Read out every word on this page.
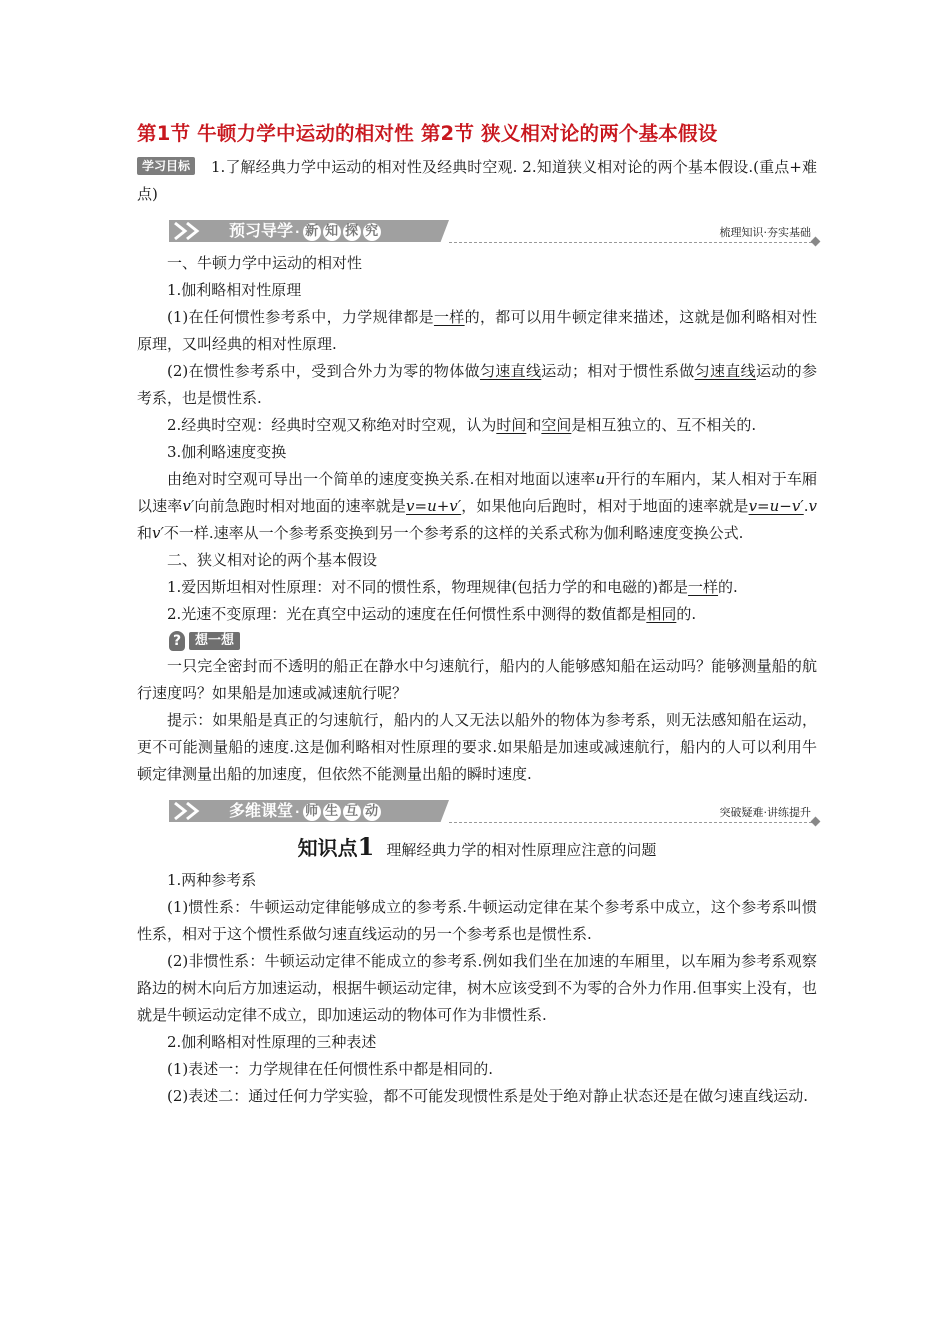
第1节 牛顿力学中运动的相对性 第2节 狭义相对论的两个基本假设

学习目标 1.了解经典力学中运动的相对性及经典时空观. 2.知道狭义相对论的两个基本假设.(重点+难点)

预习导学 · 新 知 探 究	梳理知识·夯实基础

一、牛顿力学中运动的相对性

1.伽利略相对性原理

(1)在任何惯性参考系中，力学规律都是一样的，都可以用牛顿定律来描述，这就是伽利略相对性原理，又叫经典的相对性原理.

(2)在惯性参考系中，受到合外力为零的物体做匀速直线运动；相对于惯性系做匀速直线运动的参考系，也是惯性系.

2.经典时空观：经典时空观又称绝对时空观，认为时间和空间是相互独立的、互不相关的.

3.伽利略速度变换

由绝对时空观可导出一个简单的速度变换关系.在相对地面以速率u开行的车厢内，某人相对于车厢以速率v′向前急跑时相对地面的速率就是v=u+v′，如果他向后跑时，相对于地面的速率就是v=u−v′.v和v′不一样.速率从一个参考系变换到另一个参考系的这样的关系式称为伽利略速度变换公式.

二、狭义相对论的两个基本假设

1.爱因斯坦相对性原理：对不同的惯性系，物理规律(包括力学的和电磁的)都是一样的.

2.光速不变原理：光在真空中运动的速度在任何惯性系中测得的数值都是相同的.

?	想一想

一只完全密封而不透明的船正在静水中匀速航行，船内的人能够感知船在运动吗？能够测量船的航行速度吗？如果船是加速或减速航行呢？

提示：如果船是真正的匀速航行，船内的人又无法以船外的物体为参考系，则无法感知船在运动，更不可能测量船的速度.这是伽利略相对性原理的要求.如果船是加速或减速航行，船内的人可以利用牛顿定律测量出船的加速度，但依然不能测量出船的瞬时速度.

多维课堂 · 师 生 互 动	突破疑难·讲练提升
知识点1 理解经典力学的相对性原理应注意的问题

1.两种参考系

(1)惯性系：牛顿运动定律能够成立的参考系.牛顿运动定律在某个参考系中成立，这个参考系叫惯性系，相对于这个惯性系做匀速直线运动的另一个参考系也是惯性系.

(2)非惯性系：牛顿运动定律不能成立的参考系.例如我们坐在加速的车厢里，以车厢为参考系观察路边的树木向后方加速运动，根据牛顿运动定律，树木应该受到不为零的合外力作用.但事实上没有，也就是牛顿运动定律不成立，即加速运动的物体可作为非惯性系.

2.伽利略相对性原理的三种表述

(1)表述一：力学规律在任何惯性系中都是相同的.

(2)表述二：通过任何力学实验，都不可能发现惯性系是处于绝对静止状态还是在做匀速直线运动.
